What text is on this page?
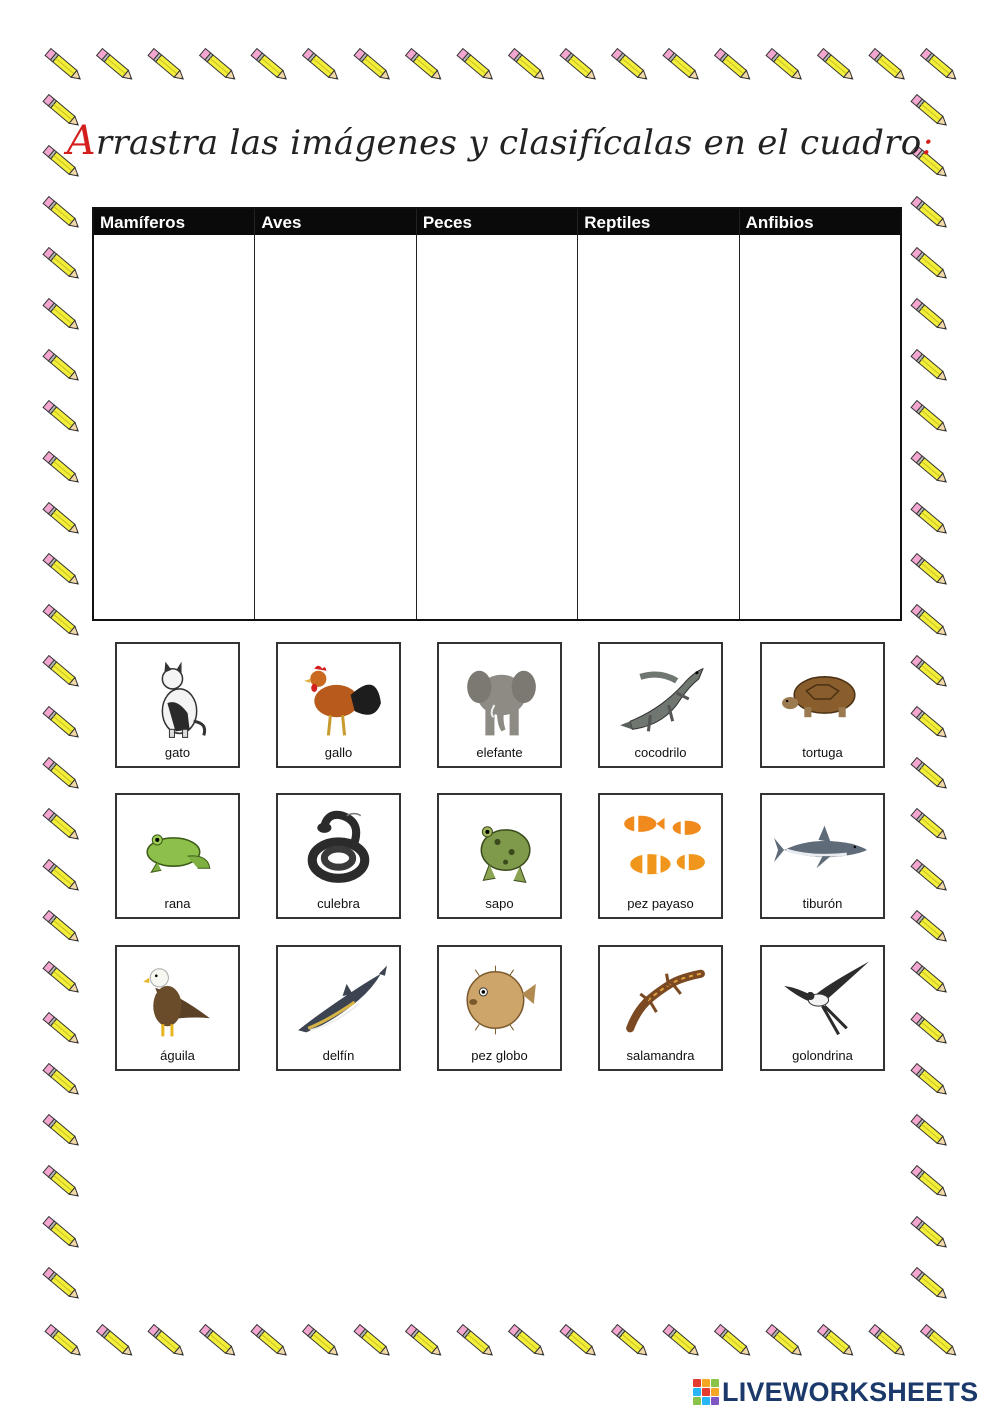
Arrastra las imágenes y clasifícalas en el cuadro:
Mamíferos	Aves	Peces	Reptiles	Anfibios
gato	gallo	elefante	cocodrilo	tortuga
rana	culebra	sapo	pez payaso	tiburón
águila	delfín	pez globo	salamandra	golondrina
LIVEWORKSHEETS
